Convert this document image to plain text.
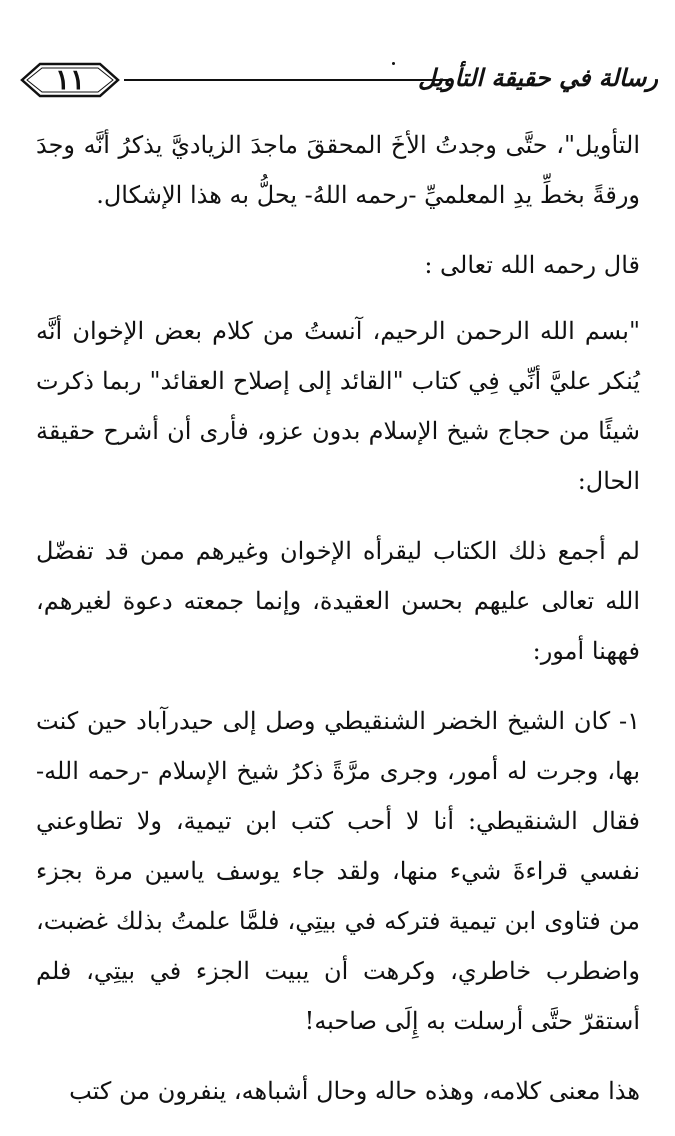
١١	رسالة في حقيقة التأويل

التأويل"، حتَّى وجدتُ الأخَ المحققَ ماجدَ الزياديَّ يذكرُ أنَّه وجدَ ورقةً بخطِّ يدِ المعلميِّ -رحمه اللهُ- يحلُّ به هذا الإشكال.

قال رحمه الله تعالى :

"بسم الله الرحمن الرحيم، آنستُ من كلام بعض الإخوان أنَّه يُنكر عليَّ أنِّي فِي كتاب "القائد إلى إصلاح العقائد" ربما ذكرت شيئًا من حجاج شيخ الإسلام بدون عزو، فأرى أن أشرح حقيقة الحال:

لم أجمع ذلك الكتاب ليقرأه الإخوان وغيرهم ممن قد تفضّل الله تعالى عليهم بحسن العقيدة، وإنما جمعته دعوة لغيرهم، فههنا أمور:

١- كان الشيخ الخضر الشنقيطي وصل إلى حيدرآباد حين كنت بها، وجرت له أمور، وجرى مرَّةً ذكرُ شيخ الإسلام -رحمه الله- فقال الشنقيطي: أنا لا أحب كتب ابن تيمية، ولا تطاوعني نفسي قراءةَ شيء منها، ولقد جاء يوسف ياسين مرة بجزء من فتاوى ابن تيمية فتركه في بيتِي، فلمَّا علمتُ بذلك غضبت، واضطرب خاطري، وكرهت أن يبيت الجزء في بيتِي، فلم أستقرّ حتَّى أرسلت به إِلَى صاحبه!

هذا معنى كلامه، وهذه حاله وحال أشباهه، ينفرون من كتب
